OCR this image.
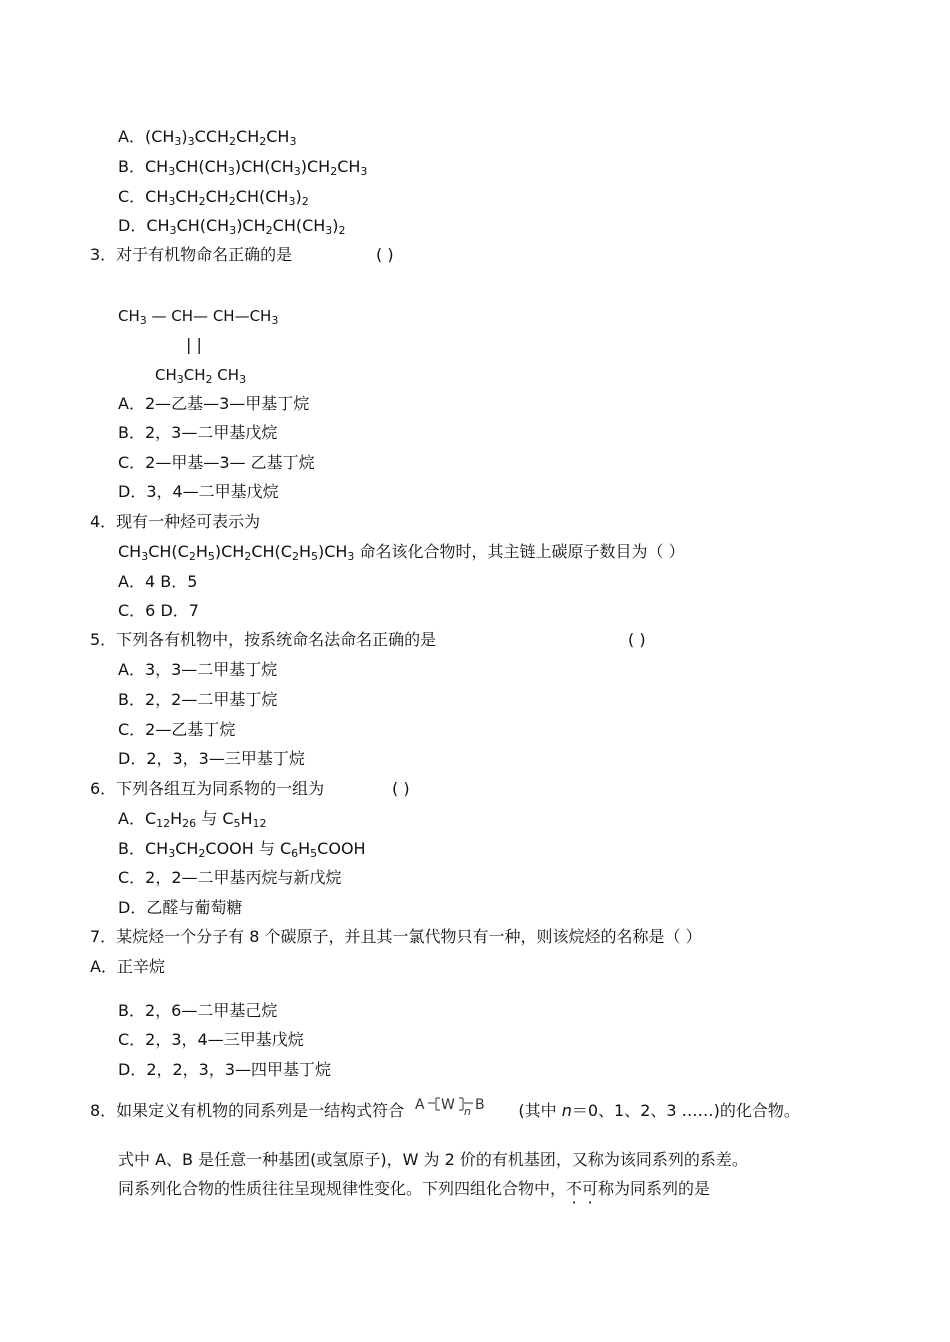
A．$(CH_3)_3CCH_2CH_2CH_3$
B．$CH_3CH(CH_3)CH(CH_3)CH_2CH_3$
C．$CH_3CH_2CH_2CH(CH_3)_2$
D．$CH_3CH(CH_3)CH_2CH(CH_3)_2$
3．对于有机物命名正确的是	( )
$CH_3$ — CH— $CH—CH_3$
| |
$CH_3CH_2$ $CH_3$
A．2—乙基—3—甲基丁烷
B．2，3—二甲基戊烷
C．2—甲基—3— 乙基丁烷
D．3，4—二甲基戊烷
4．现有一种烃可表示为
$CH_3CH(C_2H_5)CH_2CH(C_2H_5)CH_3$ 命名该化合物时，其主链上碳原子数目为（ ）
A．4 B．5
C．6 D．7
5．下列各有机物中，按系统命名法命名正确的是	( )
A．3，3—二甲基丁烷
B．2，2—二甲基丁烷
C．2—乙基丁烷
D．2，3，3—三甲基丁烷
6．下列各组互为同系物的一组为	( )
A．$C_{12}H_{26}$ 与 $C_5H_{12}$
B．$CH_3CH_2COOH$ 与 $C_6H_5COOH$
C．2，2—二甲基丙烷与新戊烷
D．乙醛与葡萄糖
7．某烷烃一个分子有 8 个碳原子，并且其一氯代物只有一种，则该烷烃的名称是（ ）
A．正辛烷
B．2，6—二甲基己烷
C．2，3，4—三甲基戊烷
D．2，2，3，3—四甲基丁烷
8．如果定义有机物的同系列是一结构式符合 A W n B (其中 n＝0、1、2、3 ……)的化合物。
式中 A、B 是任意一种基团(或氢原子)，W 为 2 价的有机基团，又称为该同系列的系差。
同系列化合物的性质往往呈现规律性变化。下列四组化合物中，不可称为同系列的是
